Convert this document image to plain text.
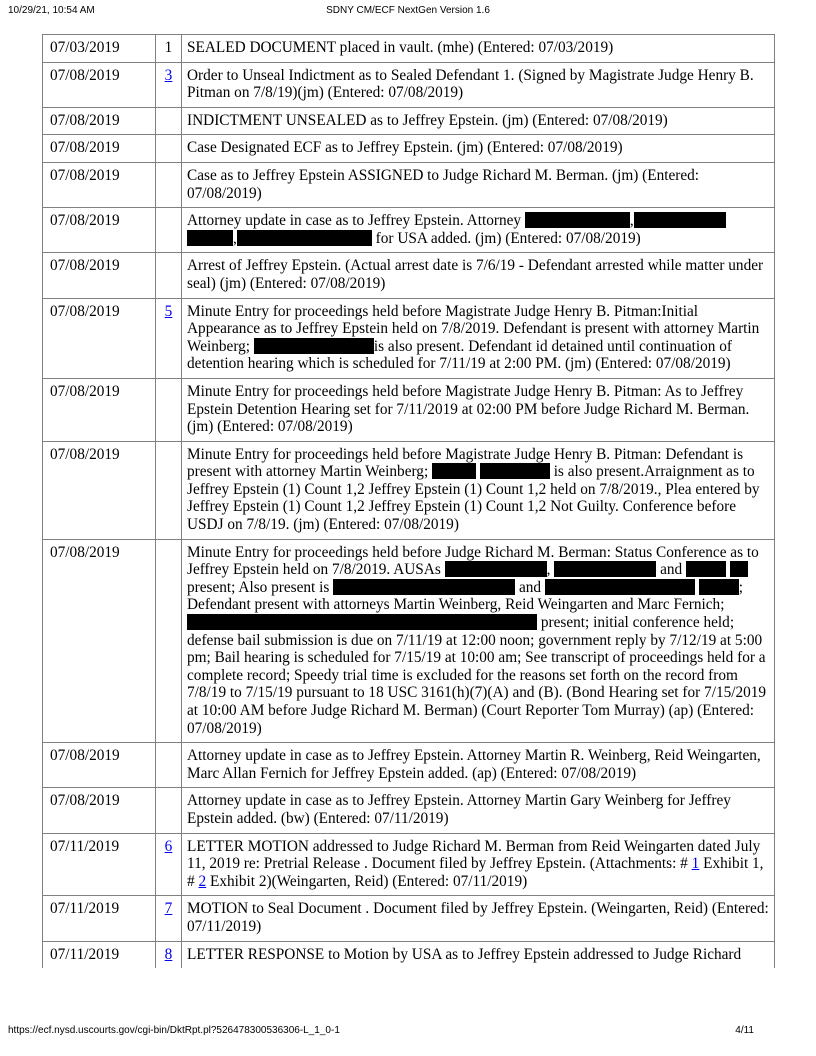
10/29/21, 10:54 AM	SDNY CM/ECF NextGen Version 1.6
07/03/2019	1	SEALED DOCUMENT placed in vault. (mhe) (Entered: 07/03/2019)
07/08/2019	3	Order to Unseal Indictment as to Sealed Defendant 1. (Signed by Magistrate Judge Henry B. Pitman on 7/8/19)(jm) (Entered: 07/08/2019)
07/08/2019		INDICTMENT UNSEALED as to Jeffrey Epstein. (jm) (Entered: 07/08/2019)
07/08/2019		Case Designated ECF as to Jeffrey Epstein. (jm) (Entered: 07/08/2019)
07/08/2019		Case as to Jeffrey Epstein ASSIGNED to Judge Richard M. Berman. (jm) (Entered: 07/08/2019)
07/08/2019		Attorney update in case as to Jeffrey Epstein. Attorney , , for USA added. (jm) (Entered: 07/08/2019)
07/08/2019		Arrest of Jeffrey Epstein. (Actual arrest date is 7/6/19 - Defendant arrested while matter under seal) (jm) (Entered: 07/08/2019)
07/08/2019	5	Minute Entry for proceedings held before Magistrate Judge Henry B. Pitman:Initial Appearance as to Jeffrey Epstein held on 7/8/2019. Defendant is present with attorney Martin Weinberg; is also present. Defendant id detained until continuation of detention hearing which is scheduled for 7/11/19 at 2:00 PM. (jm) (Entered: 07/08/2019)
07/08/2019		Minute Entry for proceedings held before Magistrate Judge Henry B. Pitman: As to Jeffrey Epstein Detention Hearing set for 7/11/2019 at 02:00 PM before Judge Richard M. Berman. (jm) (Entered: 07/08/2019)
07/08/2019		Minute Entry for proceedings held before Magistrate Judge Henry B. Pitman: Defendant is present with attorney Martin Weinberg; is also present.Arraignment as to Jeffrey Epstein (1) Count 1,2 Jeffrey Epstein (1) Count 1,2 held on 7/8/2019., Plea entered by Jeffrey Epstein (1) Count 1,2 Jeffrey Epstein (1) Count 1,2 Not Guilty. Conference before USDJ on 7/8/19. (jm) (Entered: 07/08/2019)
07/08/2019		Minute Entry for proceedings held before Judge Richard M. Berman: Status Conference as to Jeffrey Epstein held on 7/8/2019. AUSAs , and   present; Also present is and ; Defendant present with attorneys Martin Weinberg, Reid Weingarten and Marc Fernich;  present; initial conference held; defense bail submission is due on 7/11/19 at 12:00 noon; government reply by 7/12/19 at 5:00 pm; Bail hearing is scheduled for 7/15/19 at 10:00 am; See transcript of proceedings held for a complete record; Speedy trial time is excluded for the reasons set forth on the record from 7/8/19 to 7/15/19 pursuant to 18 USC 3161(h)(7)(A) and (B). (Bond Hearing set for 7/15/2019 at 10:00 AM before Judge Richard M. Berman) (Court Reporter Tom Murray) (ap) (Entered: 07/08/2019)
07/08/2019		Attorney update in case as to Jeffrey Epstein. Attorney Martin R. Weinberg, Reid Weingarten, Marc Allan Fernich for Jeffrey Epstein added. (ap) (Entered: 07/08/2019)
07/08/2019		Attorney update in case as to Jeffrey Epstein. Attorney Martin Gary Weinberg for Jeffrey Epstein added. (bw) (Entered: 07/11/2019)
07/11/2019	6	LETTER MOTION addressed to Judge Richard M. Berman from Reid Weingarten dated July 11, 2019 re: Pretrial Release . Document filed by Jeffrey Epstein. (Attachments: # 1 Exhibit 1, # 2 Exhibit 2)(Weingarten, Reid) (Entered: 07/11/2019)
07/11/2019	7	MOTION to Seal Document . Document filed by Jeffrey Epstein. (Weingarten, Reid) (Entered: 07/11/2019)
07/11/2019	8	LETTER RESPONSE to Motion by USA as to Jeffrey Epstein addressed to Judge Richard
https://ecf.nysd.uscourts.gov/cgi-bin/DktRpt.pl?526478300536306-L_1_0-1	4/11
